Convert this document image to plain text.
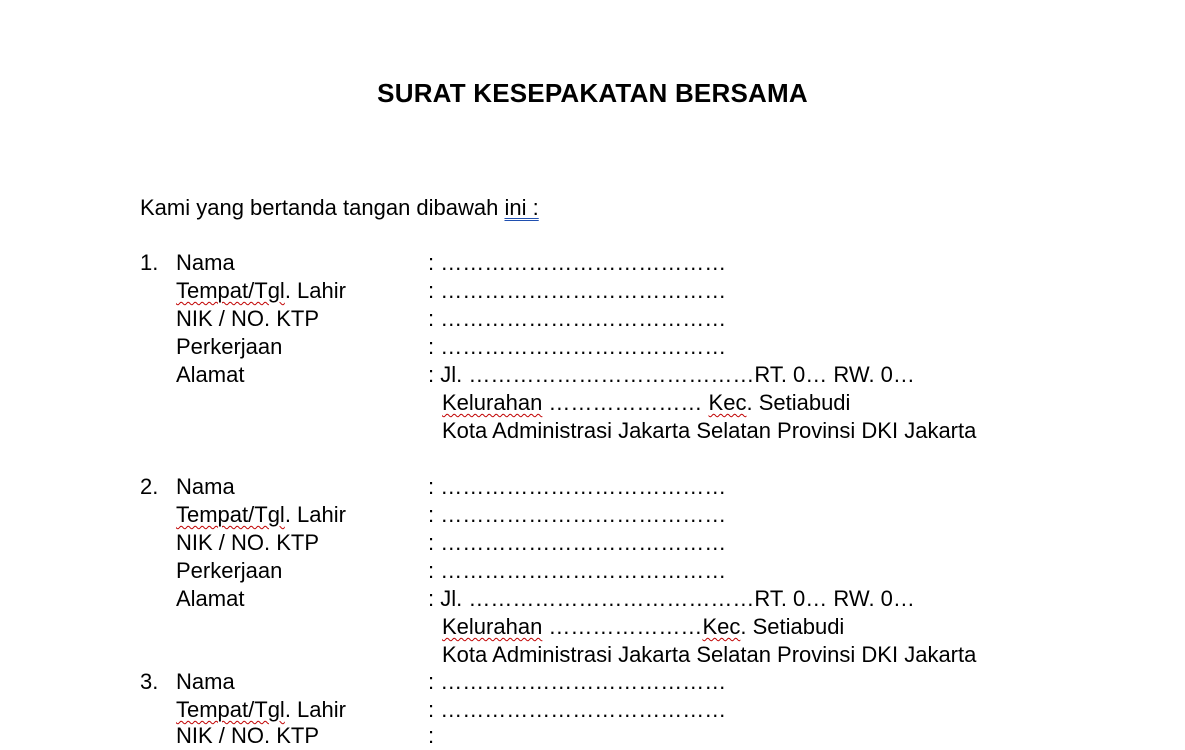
SURAT KESEPAKATAN BERSAMA
Kami yang bertanda tangan dibawah ini :
1. Nama	: …………………………………
Tempat/Tgl. Lahir	: …………………………………
NIK / NO. KTP	: …………………………………
Perkerjaan	: …………………………………
Alamat	: Jl. …………………………………RT. 0… RW. 0…
Kelurahan ………………… Kec. Setiabudi
Kota Administrasi Jakarta Selatan Provinsi DKI Jakarta
2. Nama	: …………………………………
Tempat/Tgl. Lahir	: …………………………………
NIK / NO. KTP	: …………………………………
Perkerjaan	: …………………………………
Alamat	: Jl. …………………………………RT. 0… RW. 0…
Kelurahan …………………Kec. Setiabudi
Kota Administrasi Jakarta Selatan Provinsi DKI Jakarta
3. Nama	: …………………………………
Tempat/Tgl. Lahir	: …………………………………
NIK / NO. KTP	:
